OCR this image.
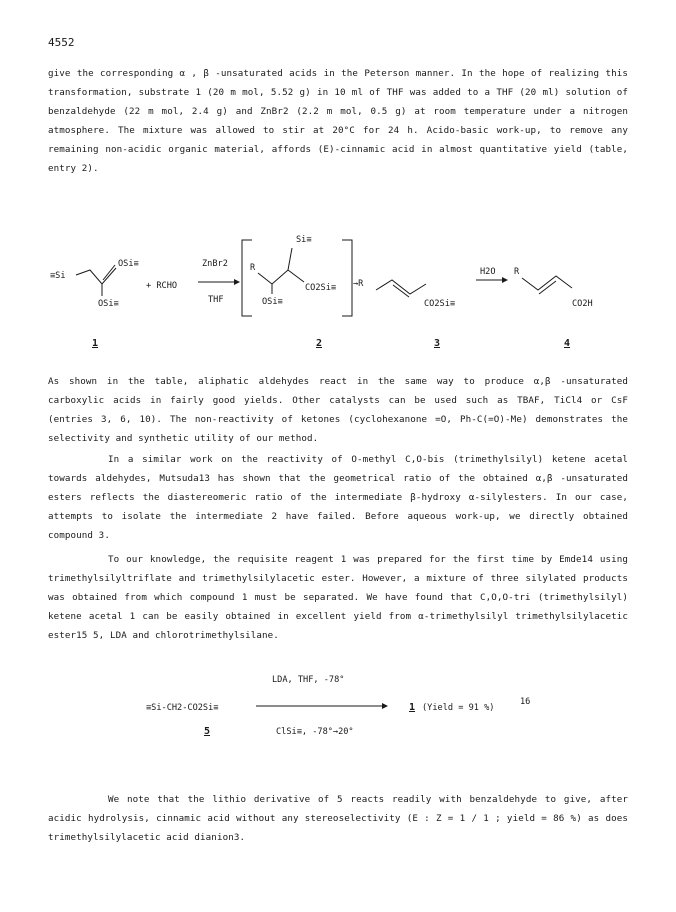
4552

give the corresponding α , β -unsaturated acids in the Peterson manner. In the hope of realizing this transformation, substrate 1 (20 m mol, 5.52 g) in 10 ml of THF was added to a THF (20 ml) solution of benzaldehyde (22 m mol, 2.4 g) and ZnBr2 (2.2 m mol, 0.5 g) at room temperature under a nitrogen atmosphere. The mixture was allowed to stir at 20°C for 24 h. Acido-basic work-up, to remove any remaining non-acidic organic material, affords (E)-cinnamic acid in almost quantitative yield (table, entry 2).

≡Si
OSi≡
OSi≡
+ RCHO
ZnBr2
THF
R
Si≡
OSi≡
CO2Si≡ →R
CO2Si≡
H2O R
CO2H
1	2	3	4

As shown in the table, aliphatic aldehydes react in the same way to produce α,β -unsaturated carboxylic acids in fairly good yields. Other catalysts can be used such as TBAF, TiCl4 or CsF (entries 3, 6, 10). The non-reactivity of ketones (cyclohexanone =O, Ph-C(=O)-Me) demonstrates the selectivity and synthetic utility of our method.

In a similar work on the reactivity of O-methyl C,O-bis (trimethylsilyl) ketene acetal towards aldehydes, Mutsuda13 has shown that the geometrical ratio of the obtained α,β -unsaturated esters reflects the diastereomeric ratio of the intermediate β-hydroxy α-silylesters. In our case, attempts to isolate the intermediate 2 have failed. Before aqueous work-up, we directly obtained compound 3.

To our knowledge, the requisite reagent 1 was prepared for the first time by Emde14 using trimethylsilyltriflate and trimethylsilylacetic ester. However, a mixture of three silylated products was obtained from which compound 1 must be separated. We have found that C,O,O-tri (trimethylsilyl) ketene acetal 1 can be easily obtained in excellent yield from α-trimethylsilyl trimethylsilylacetic ester15 5, LDA and chlorotrimethylsilane.

LDA, THF, -78°
≡Si-CH2-CO2Si≡	1 (Yield = 91 %)
16
5	ClSi≡, -78°→20°

We note that the lithio derivative of 5 reacts readily with benzaldehyde to give, after acidic hydrolysis, cinnamic acid without any stereoselectivity (E : Z = 1 / 1 ; yield = 86 %) as does trimethylsilylacetic acid dianion3.
